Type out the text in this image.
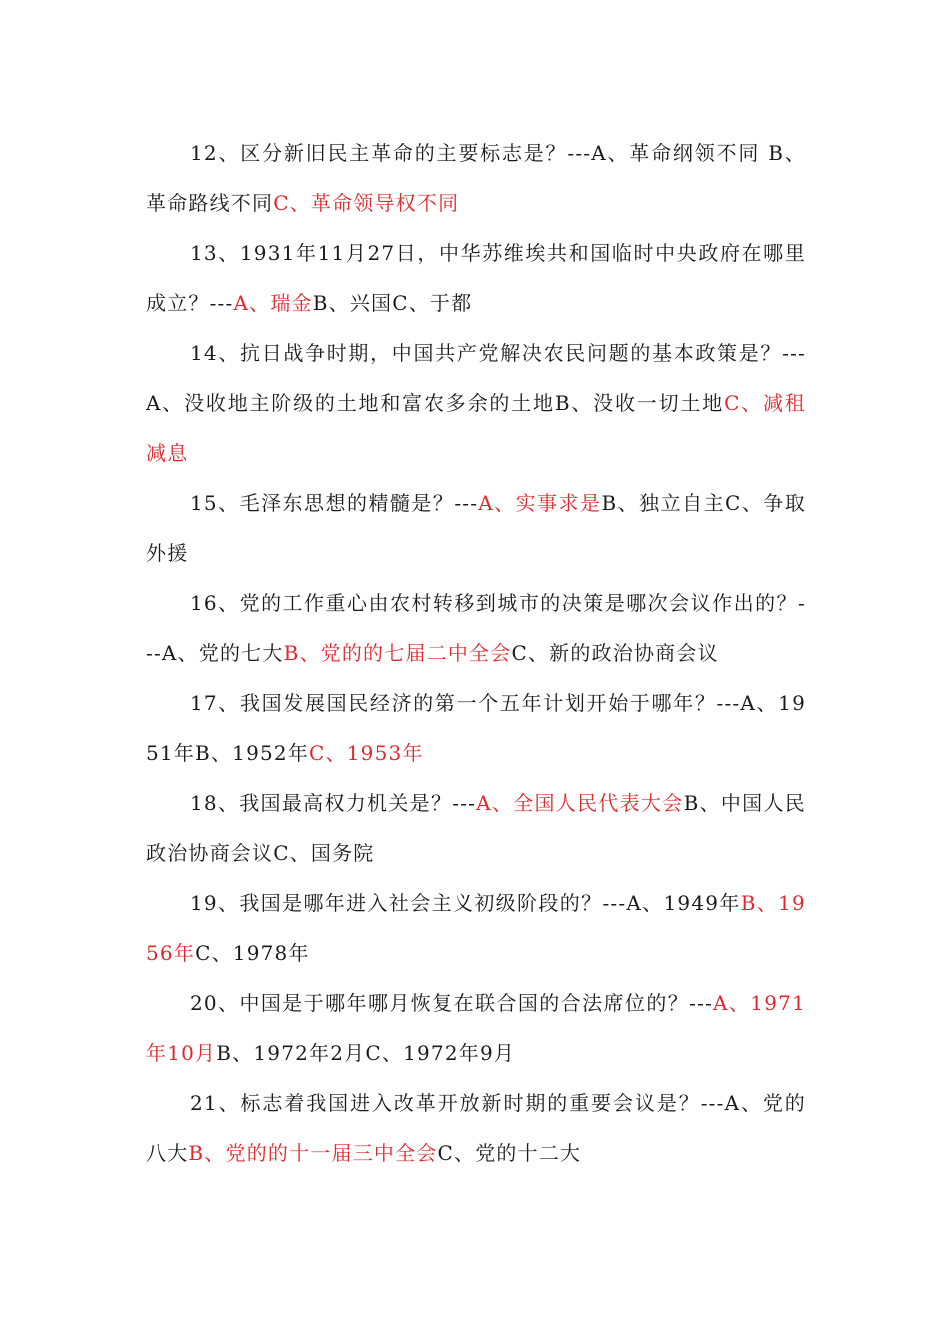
12、区分新旧民主革命的主要标志是？---A、革命纲领不同 B、革命路线不同C、革命领导权不同

13、1931年11月27日，中华苏维埃共和国临时中央政府在哪里成立？---A、瑞金B、兴国C、于都

14、抗日战争时期，中国共产党解决农民问题的基本政策是？---A、没收地主阶级的土地和富农多余的土地B、没收一切土地C、减租减息

15、毛泽东思想的精髓是？---A、实事求是B、独立自主C、争取外援

16、党的工作重心由农村转移到城市的决策是哪次会议作出的？---A、党的七大B、党的的七届二中全会C、新的政治协商会议

17、我国发展国民经济的第一个五年计划开始于哪年？---A、1951年B、1952年C、1953年

18、我国最高权力机关是？---A、全国人民代表大会B、中国人民政治协商会议C、国务院

19、我国是哪年进入社会主义初级阶段的？---A、1949年B、1956年C、1978年

20、中国是于哪年哪月恢复在联合国的合法席位的？---A、1971年10月B、1972年2月C、1972年9月

21、标志着我国进入改革开放新时期的重要会议是？---A、党的八大B、党的的十一届三中全会C、党的十二大
